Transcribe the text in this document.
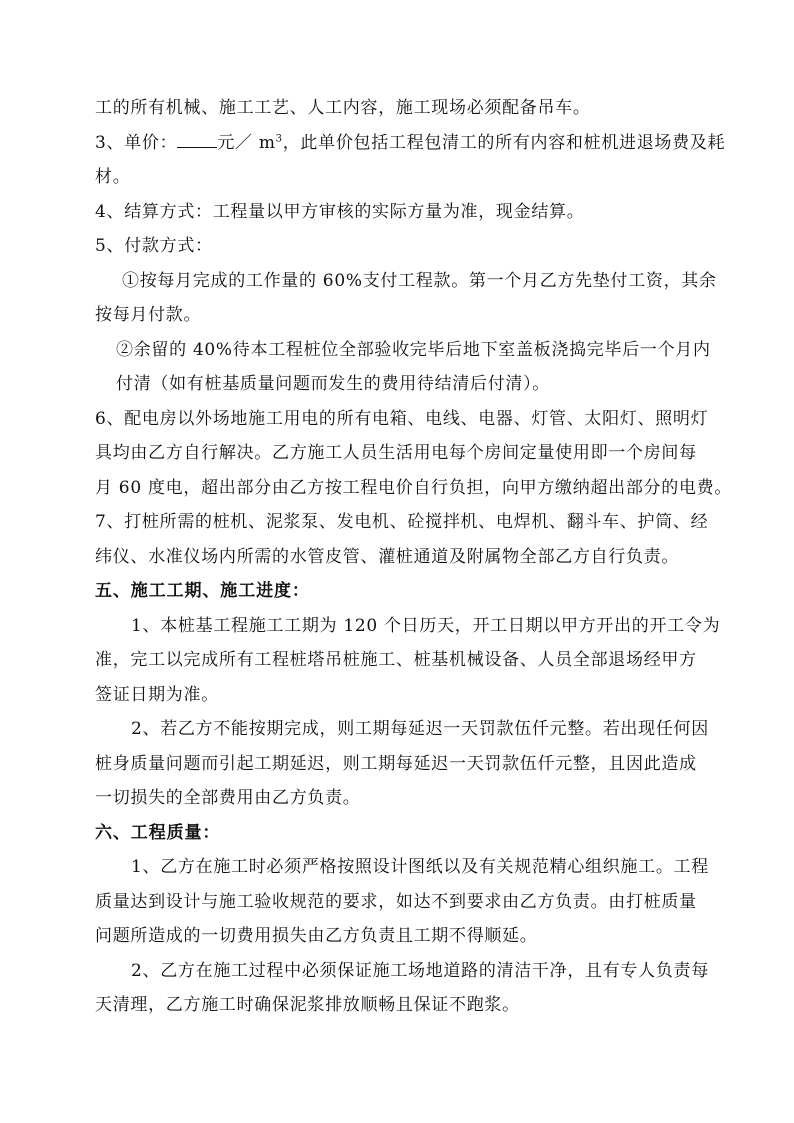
工的所有机械、施工工艺、人工内容，施工现场必须配备吊车。
3、单价： 元／ $m^3$，此单价包括工程包清工的所有内容和桩机进退场费及耗
材。
4、结算方式：工程量以甲方审核的实际方量为准，现金结算。
5、付款方式：
①按每月完成的工作量的 60%支付工程款。第一个月乙方先垫付工资，其余
按每月付款。
②余留的 40%待本工程桩位全部验收完毕后地下室盖板浇捣完毕后一个月内
付清（如有桩基质量问题而发生的费用待结清后付清）。
6、配电房以外场地施工用电的所有电箱、电线、电器、灯管、太阳灯、照明灯
具均由乙方自行解决。乙方施工人员生活用电每个房间定量使用即一个房间每
月 60 度电，超出部分由乙方按工程电价自行负担，向甲方缴纳超出部分的电费。
7、打桩所需的桩机、泥浆泵、发电机、砼搅拌机、电焊机、翻斗车、护筒、经
纬仪、水准仪场内所需的水管皮管、灌桩通道及附属物全部乙方自行负责。
五、施工工期、施工进度：
1、本桩基工程施工工期为 120 个日历天，开工日期以甲方开出的开工令为
准，完工以完成所有工程桩塔吊桩施工、桩基机械设备、人员全部退场经甲方
签证日期为准。
2、若乙方不能按期完成，则工期每延迟一天罚款伍仟元整。若出现任何因
桩身质量问题而引起工期延迟，则工期每延迟一天罚款伍仟元整，且因此造成
一切损失的全部费用由乙方负责。
六、工程质量：
1、乙方在施工时必须严格按照设计图纸以及有关规范精心组织施工。工程
质量达到设计与施工验收规范的要求，如达不到要求由乙方负责。由打桩质量
问题所造成的一切费用损失由乙方负责且工期不得顺延。
2、乙方在施工过程中必须保证施工场地道路的清洁干净，且有专人负责每
天清理，乙方施工时确保泥浆排放顺畅且保证不跑浆。
